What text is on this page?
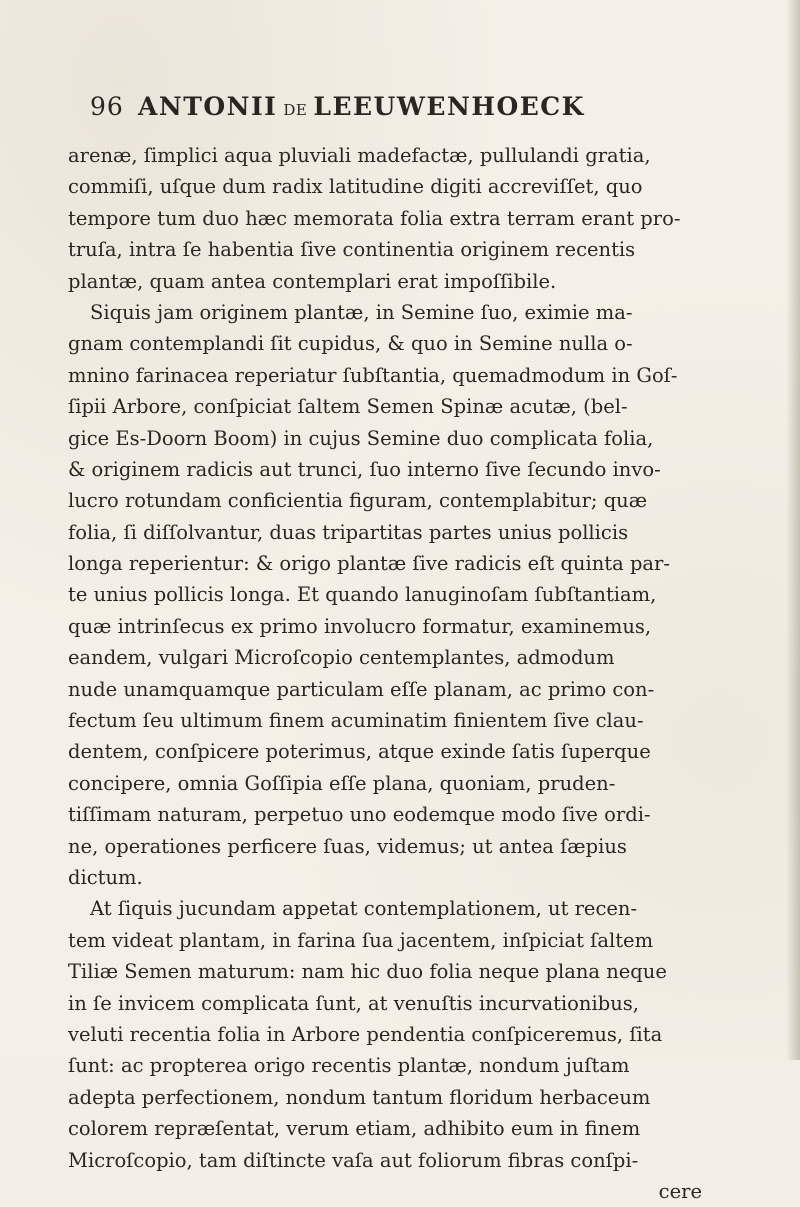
96 ANTONII DE LEEUWENHOECK
arenæ, ſimplici aqua pluviali madefactæ, pullulandi gratia,
commiſi, uſque dum radix latitudine digiti accreviſſet, quo
tempore tum duo hæc memorata folia extra terram erant pro-
truſa, intra ſe habentia ſive continentia originem recentis
plantæ, quam antea contemplari erat impoſſibile.
Siquis jam originem plantæ, in Semine ſuo, eximie ma-
gnam contemplandi ſit cupidus, & quo in Semine nulla o-
mnino farinacea reperiatur ſubſtantia, quemadmodum in Goſ-
ſipii Arbore, conſpiciat ſaltem Semen Spinæ acutæ, (bel-
gice Es-Doorn Boom) in cujus Semine duo complicata folia,
& originem radicis aut trunci, ſuo interno ſive ſecundo invo-
lucro rotundam conficientia figuram, contemplabitur; quæ
folia, ſi diſſolvantur, duas tripartitas partes unius pollicis
longa reperientur: & origo plantæ ſive radicis eſt quinta par-
te unius pollicis longa. Et quando lanuginoſam ſubſtantiam,
quæ intrinſecus ex primo involucro formatur, examinemus,
eandem, vulgari Microſcopio centemplantes, admodum
nude unamquamque particulam eſſe planam, ac primo con-
fectum ſeu ultimum finem acuminatim finientem ſive clau-
dentem, conſpicere poterimus, atque exinde ſatis ſuperque
concipere, omnia Goſſipia eſſe plana, quoniam, pruden-
tiſſimam naturam, perpetuo uno eodemque modo ſive ordi-
ne, operationes perficere ſuas, videmus; ut antea ſæpius
dictum.
At ſiquis jucundam appetat contemplationem, ut recen-
tem videat plantam, in farina ſua jacentem, inſpiciat ſaltem
Tiliæ Semen maturum: nam hic duo folia neque plana neque
in ſe invicem complicata ſunt, at venuſtis incurvationibus,
veluti recentia folia in Arbore pendentia conſpiceremus, ſita
ſunt: ac propterea origo recentis plantæ, nondum juſtam
adepta perfectionem, nondum tantum floridum herbaceum
colorem repræſentat, verum etiam, adhibito eum in finem
Microſcopio, tam diſtincte vaſa aut foliorum fibras conſpi-
cere
